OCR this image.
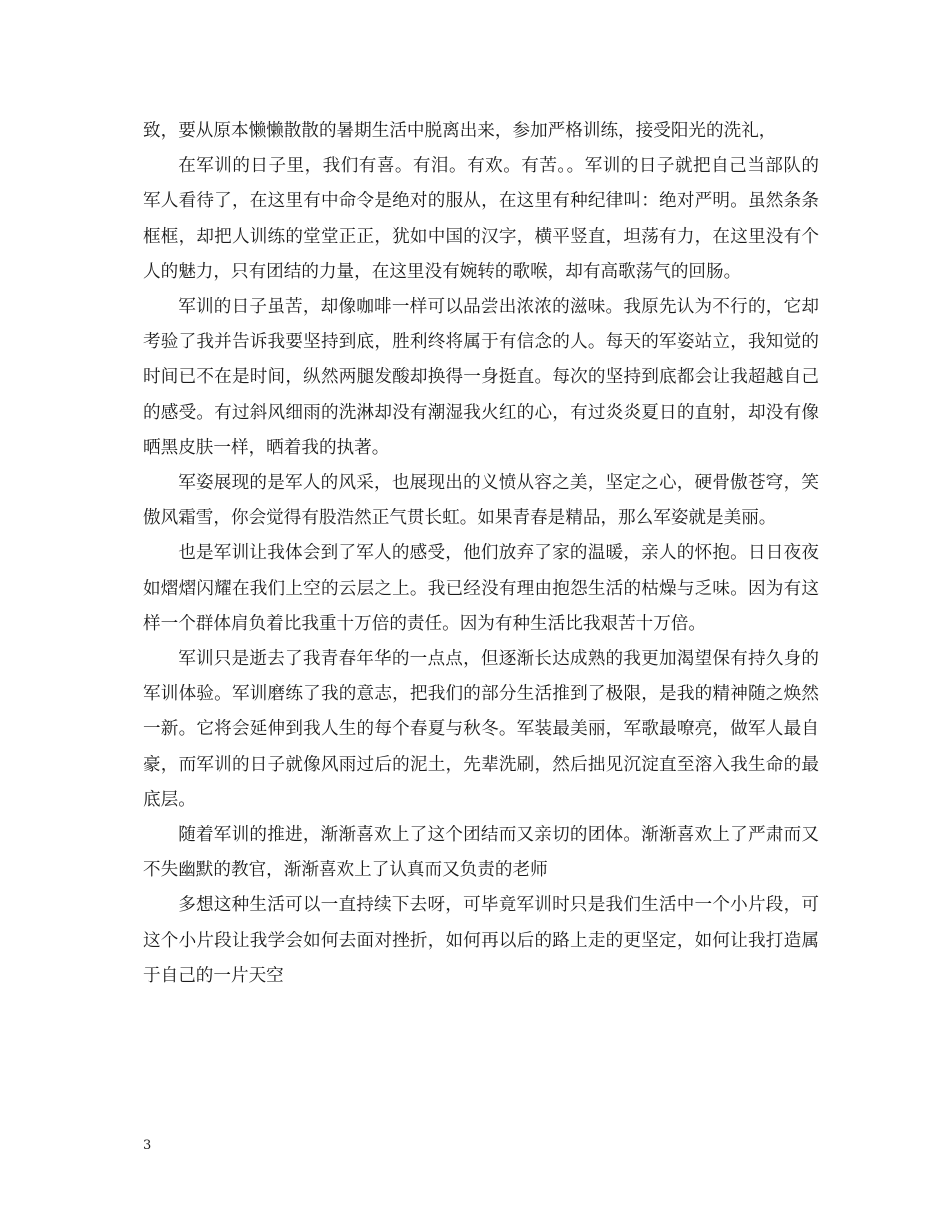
致，要从原本懒懒散散的暑期生活中脱离出来，参加严格训练，接受阳光的洗礼，

在军训的日子里，我们有喜。有泪。有欢。有苦。。军训的日子就把自己当部队的军人看待了，在这里有中命令是绝对的服从，在这里有种纪律叫：绝对严明。虽然条条框框，却把人训练的堂堂正正，犹如中国的汉字，横平竖直，坦荡有力，在这里没有个人的魅力，只有团结的力量，在这里没有婉转的歌喉，却有高歌荡气的回肠。

军训的日子虽苦，却像咖啡一样可以品尝出浓浓的滋味。我原先认为不行的，它却考验了我并告诉我要坚持到底，胜利终将属于有信念的人。每天的军姿站立，我知觉的时间已不在是时间，纵然两腿发酸却换得一身挺直。每次的坚持到底都会让我超越自己的感受。有过斜风细雨的洗淋却没有潮湿我火红的心，有过炎炎夏日的直射，却没有像晒黑皮肤一样，晒着我的执著。

军姿展现的是军人的风采，也展现出的义愤从容之美，坚定之心，硬骨傲苍穹，笑傲风霜雪，你会觉得有股浩然正气贯长虹。如果青春是精品，那么军姿就是美丽。

也是军训让我体会到了军人的感受，他们放弃了家的温暖，亲人的怀抱。日日夜夜如熠熠闪耀在我们上空的云层之上。我已经没有理由抱怨生活的枯燥与乏味。因为有这样一个群体肩负着比我重十万倍的责任。因为有种生活比我艰苦十万倍。

军训只是逝去了我青春年华的一点点，但逐渐长达成熟的我更加渴望保有持久身的军训体验。军训磨练了我的意志，把我们的部分生活推到了极限，是我的精神随之焕然一新。它将会延伸到我人生的每个春夏与秋冬。军装最美丽，军歌最嘹亮，做军人最自豪，而军训的日子就像风雨过后的泥土，先辈洗刷，然后拙见沉淀直至溶入我生命的最底层。

随着军训的推进，渐渐喜欢上了这个团结而又亲切的团体。渐渐喜欢上了严肃而又不失幽默的教官，渐渐喜欢上了认真而又负责的老师

多想这种生活可以一直持续下去呀，可毕竟军训时只是我们生活中一个小片段，可这个小片段让我学会如何去面对挫折，如何再以后的路上走的更坚定，如何让我打造属于自己的一片天空

3
